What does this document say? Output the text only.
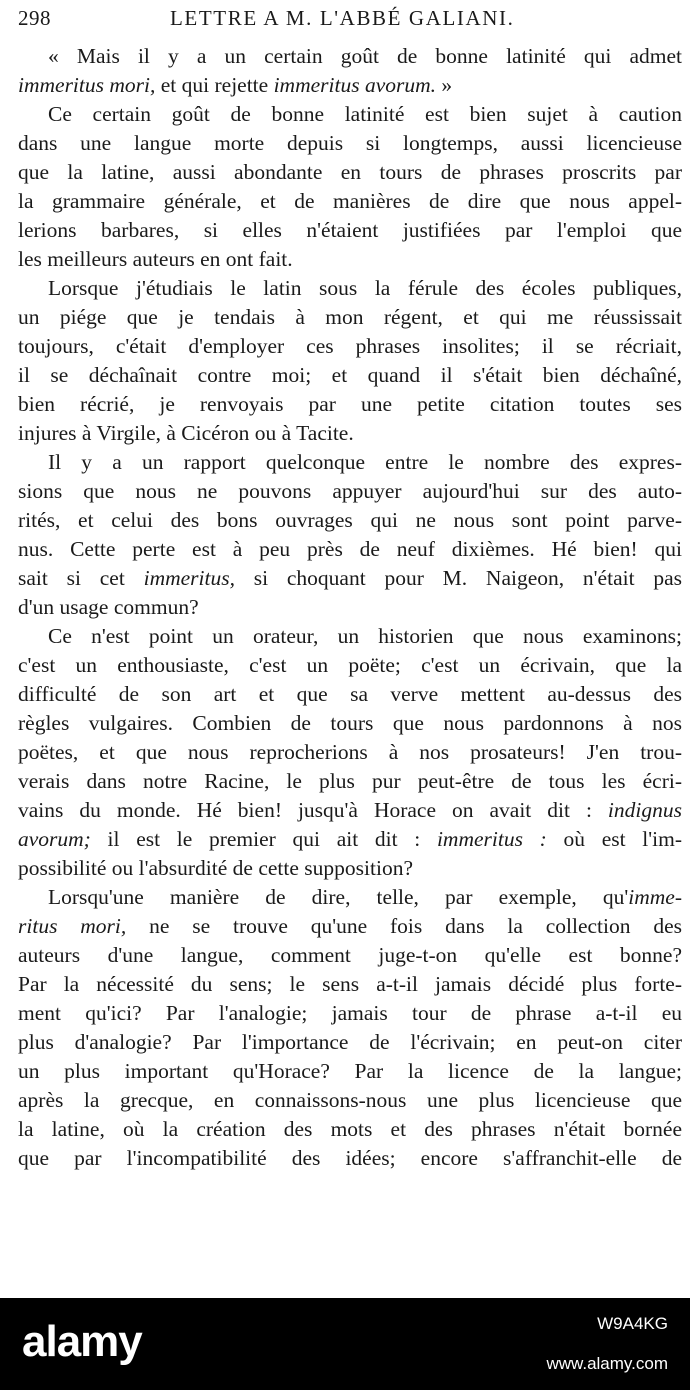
298	LETTRE A M. L'ABBÉ GALIANI.
« Mais il y a un certain goût de bonne latinité qui admet
immeritus mori, et qui rejette immeritus avorum. »
Ce certain goût de bonne latinité est bien sujet à caution
dans une langue morte depuis si longtemps, aussi licencieuse
que la latine, aussi abondante en tours de phrases proscrits par
la grammaire générale, et de manières de dire que nous appel-
lerions barbares, si elles n'étaient justifiées par l'emploi que
les meilleurs auteurs en ont fait.
Lorsque j'étudiais le latin sous la férule des écoles publiques,
un piége que je tendais à mon régent, et qui me réussissait
toujours, c'était d'employer ces phrases insolites; il se récriait,
il se déchaînait contre moi; et quand il s'était bien déchaîné,
bien récrié, je renvoyais par une petite citation toutes ses
injures à Virgile, à Cicéron ou à Tacite.
Il y a un rapport quelconque entre le nombre des expres-
sions que nous ne pouvons appuyer aujourd'hui sur des auto-
rités, et celui des bons ouvrages qui ne nous sont point parve-
nus. Cette perte est à peu près de neuf dixièmes. Hé bien! qui
sait si cet immeritus, si choquant pour M. Naigeon, n'était pas
d'un usage commun?
Ce n'est point un orateur, un historien que nous examinons;
c'est un enthousiaste, c'est un poëte; c'est un écrivain, que la
difficulté de son art et que sa verve mettent au-dessus des
règles vulgaires. Combien de tours que nous pardonnons à nos
poëtes, et que nous reprocherions à nos prosateurs! J'en trou-
verais dans notre Racine, le plus pur peut-être de tous les écri-
vains du monde. Hé bien! jusqu'à Horace on avait dit : indignus
avorum; il est le premier qui ait dit : immeritus : où est l'im-
possibilité ou l'absurdité de cette supposition?
Lorsqu'une manière de dire, telle, par exemple, qu'imme-
ritus mori, ne se trouve qu'une fois dans la collection des
auteurs d'une langue, comment juge-t-on qu'elle est bonne?
Par la nécessité du sens; le sens a-t-il jamais décidé plus forte-
ment qu'ici? Par l'analogie; jamais tour de phrase a-t-il eu
plus d'analogie? Par l'importance de l'écrivain; en peut-on citer
un plus important qu'Horace? Par la licence de la langue;
après la grecque, en connaissons-nous une plus licencieuse que
la latine, où la création des mots et des phrases n'était bornée
que par l'incompatibilité des idées; encore s'affranchit-elle de
alamy	W9A4KG
www.alamy.com
